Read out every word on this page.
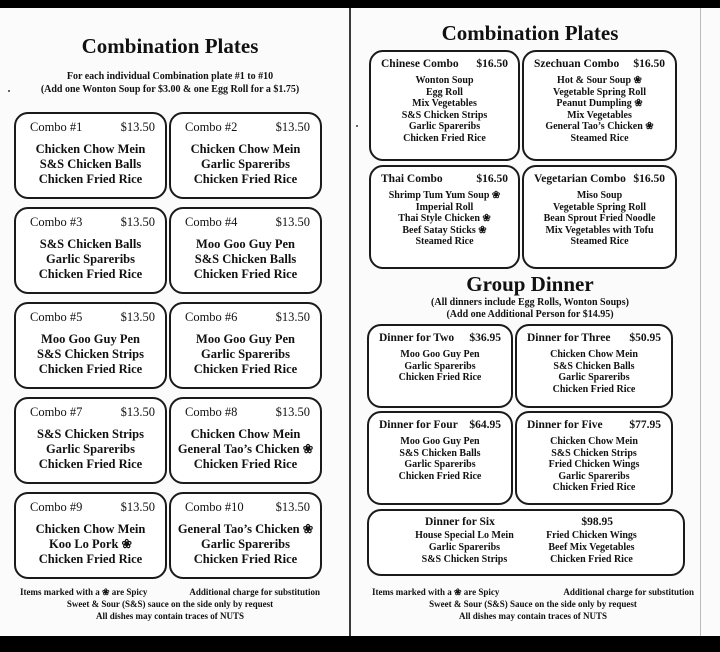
Combination Plates
For each individual Combination plate #1 to #10
(Add one Wonton Soup for $3.00 & one Egg Roll for a $1.75)
Combo #1	$13.50
Chicken Chow Mein
S&S Chicken Balls
Chicken Fried Rice
Combo #2	$13.50
Chicken Chow Mein
Garlic Spareribs
Chicken Fried Rice
Combo #3	$13.50
S&S Chicken Balls
Garlic Spareribs
Chicken Fried Rice
Combo #4	$13.50
Moo Goo Guy Pen
S&S Chicken Balls
Chicken Fried Rice
Combo #5	$13.50
Moo Goo Guy Pen
S&S Chicken Strips
Chicken Fried Rice
Combo #6	$13.50
Moo Goo Guy Pen
Garlic Spareribs
Chicken Fried Rice
Combo #7	$13.50
S&S Chicken Strips
Garlic Spareribs
Chicken Fried Rice
Combo #8	$13.50
Chicken Chow Mein
General Tao’s Chicken ❀
Chicken Fried Rice
Combo #9	$13.50
Chicken Chow Mein
Koo Lo Pork ❀
Chicken Fried Rice
Combo #10	$13.50
General Tao’s Chicken ❀
Garlic Spareribs
Chicken Fried Rice
Items marked with a ❀ are Spicy	Additional charge for substitution
Sweet & Sour (S&S) sauce on the side only by request
All dishes may contain traces of NUTS
Combination Plates
Chinese Combo $16.50
Wonton Soup
Egg Roll
Mix Vegetables
S&S Chicken Strips
Garlic Spareribs
Chicken Fried Rice
Szechuan Combo $16.50
Hot & Sour Soup ❀
Vegetable Spring Roll
Peanut Dumpling ❀
Mix Vegetables
General Tao’s Chicken ❀
Steamed Rice
Thai Combo	$16.50
Shrimp Tum Yum Soup ❀
Imperial Roll
Thai Style Chicken ❀
Beef Satay Sticks ❀
Steamed Rice
Vegetarian Combo $16.50
Miso Soup
Vegetable Spring Roll
Bean Sprout Fried Noodle
Mix Vegetables with Tofu
Steamed Rice
Group Dinner
(All dinners include Egg Rolls, Wonton Soups)
(Add one Additional Person for $14.95)
Dinner for Two $36.95
Moo Goo Guy Pen
Garlic Spareribs
Chicken Fried Rice
Dinner for Three $50.95
Chicken Chow Mein
S&S Chicken Balls
Garlic Spareribs
Chicken Fried Rice
Dinner for Four $64.95
Moo Goo Guy Pen
S&S Chicken Balls
Garlic Spareribs
Chicken Fried Rice
Dinner for Five $77.95
Chicken Chow Mein
S&S Chicken Strips
Fried Chicken Wings
Garlic Spareribs
Chicken Fried Rice
Dinner for Six	$98.95
House Special Lo Mein
Garlic Spareribs
S&S Chicken Strips
Fried Chicken Wings
Beef Mix Vegetables
Chicken Fried Rice
Items marked with a ❀ are Spicy	Additional charge for substitution
Sweet & Sour (S&S) Sauce on the side only by request
All dishes may contain traces of NUTS
